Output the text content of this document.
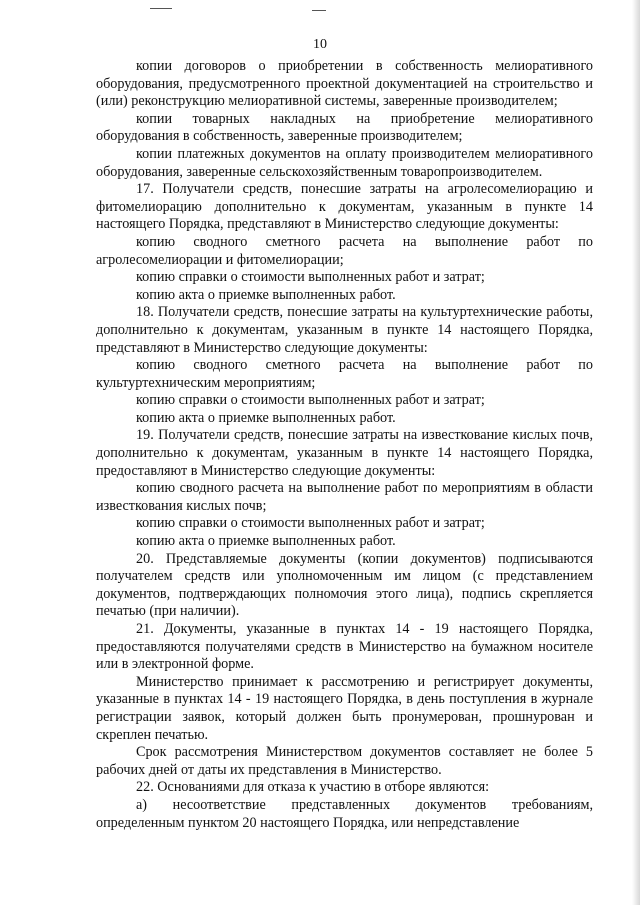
10

копии договоров о приобретении в собственность мелиоративного оборудования, предусмотренного проектной документацией на строительство и (или) реконструкцию мелиоративной системы, заверенные производителем;

копии товарных накладных на приобретение мелиоративного оборудования в собственность, заверенные производителем;

копии платежных документов на оплату производителем мелиоративного оборудования, заверенные сельскохозяйственным товаропроизводителем.

17. Получатели средств, понесшие затраты на агролесомелиорацию и фитомелиорацию дополнительно к документам, указанным в пункте 14 настоящего Порядка, представляют в Министерство следующие документы:

копию сводного сметного расчета на выполнение работ по агролесомелиорации и фитомелиорации;

копию справки о стоимости выполненных работ и затрат;

копию акта о приемке выполненных работ.

18. Получатели средств, понесшие затраты на культуртехнические работы, дополнительно к документам, указанным в пункте 14 настоящего Порядка, представляют в Министерство следующие документы:

копию сводного сметного расчета на выполнение работ по культуртехническим мероприятиям;

копию справки о стоимости выполненных работ и затрат;

копию акта о приемке выполненных работ.

19. Получатели средств, понесшие затраты на известкование кислых почв, дополнительно к документам, указанным в пункте 14 настоящего Порядка, предоставляют в Министерство следующие документы:

копию сводного расчета на выполнение работ по мероприятиям в области известкования кислых почв;

копию справки о стоимости выполненных работ и затрат;

копию акта о приемке выполненных работ.

20. Представляемые документы (копии документов) подписываются получателем средств или уполномоченным им лицом (с представлением документов, подтверждающих полномочия этого лица), подпись скрепляется печатью (при наличии).

21. Документы, указанные в пунктах 14 - 19 настоящего Порядка, предоставляются получателями средств в Министерство на бумажном носителе или в электронной форме.

Министерство принимает к рассмотрению и регистрирует документы, указанные в пунктах 14 - 19 настоящего Порядка, в день поступления в журнале регистрации заявок, который должен быть пронумерован, прошнурован и скреплен печатью.

Срок рассмотрения Министерством документов составляет не более 5 рабочих дней от даты их представления в Министерство.

22. Основаниями для отказа к участию в отборе являются:

а) несоответствие представленных документов требованиям, определенным пунктом 20 настоящего Порядка, или непредставление
